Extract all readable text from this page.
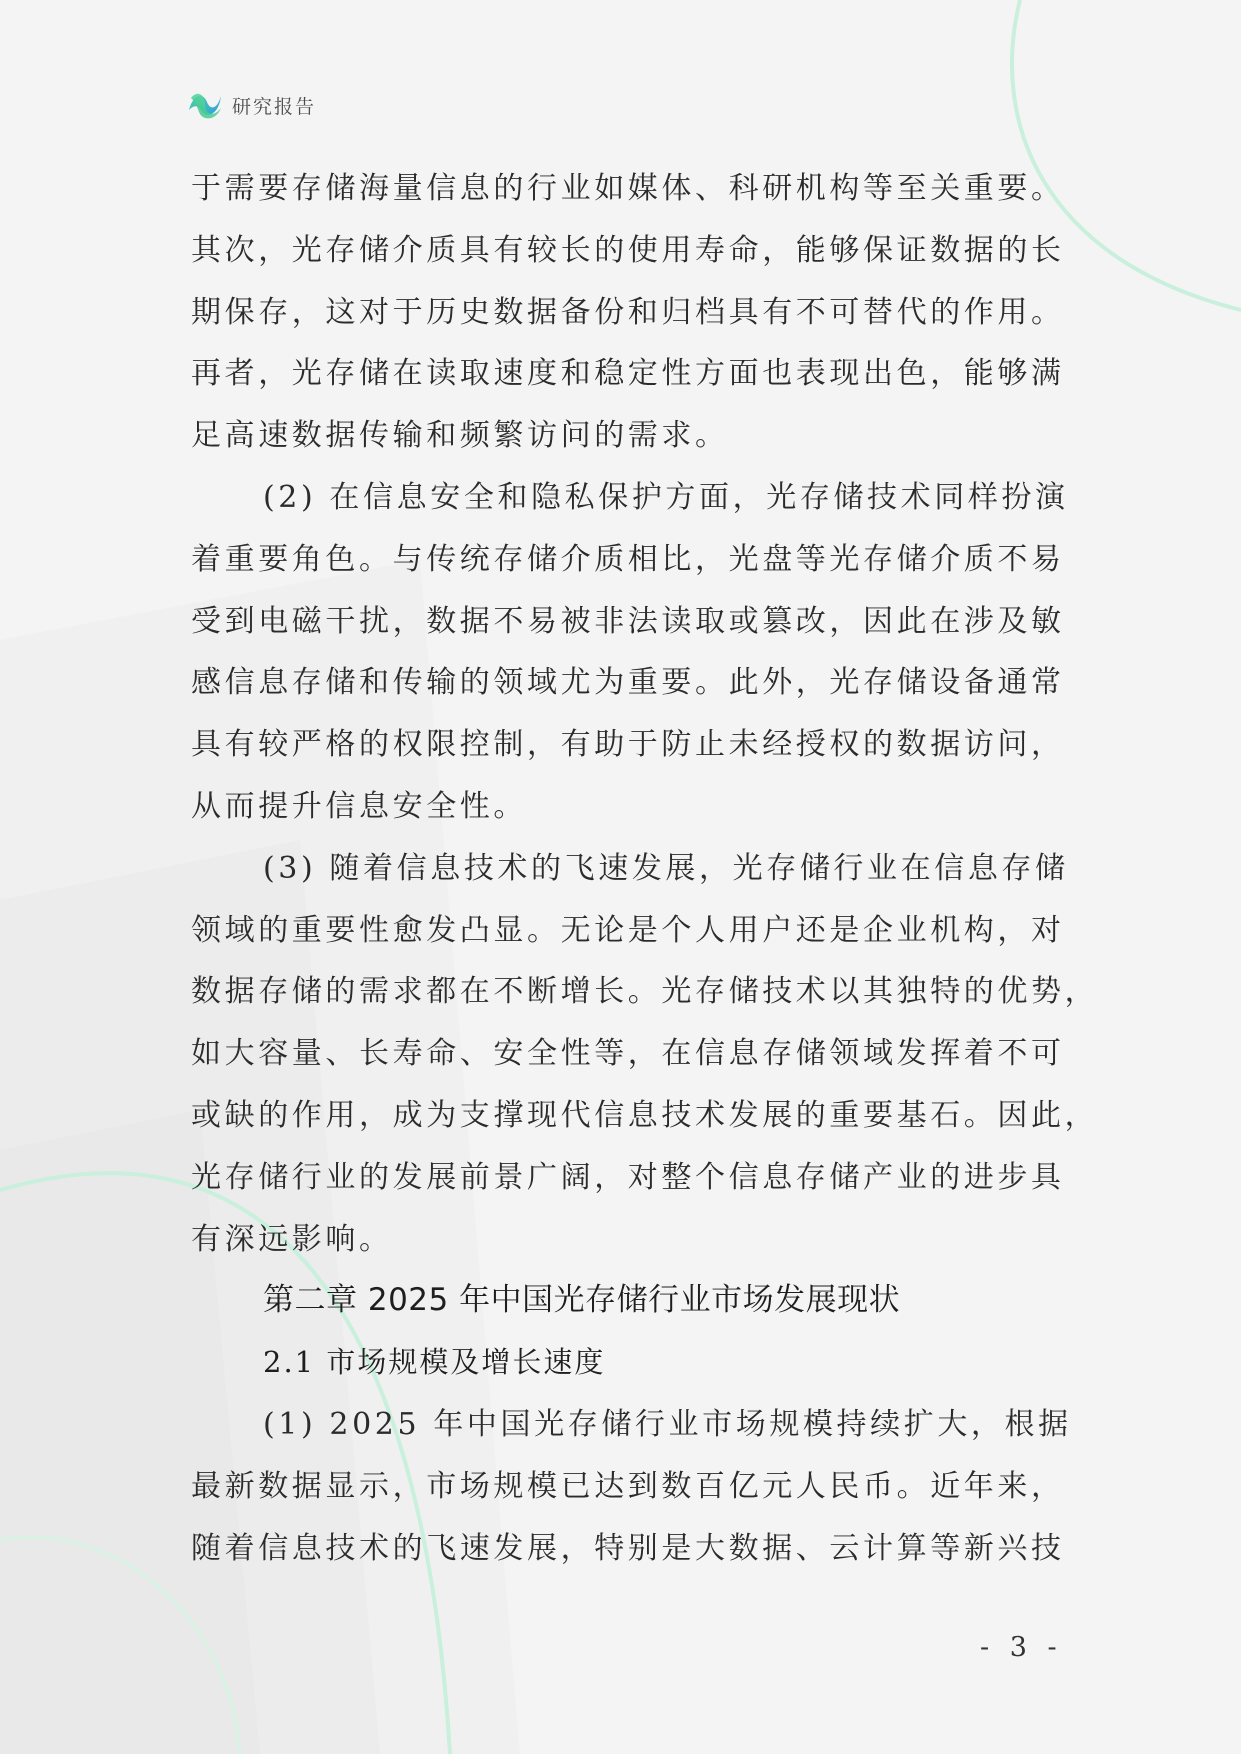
研究报告
于需要存储海量信息的行业如媒体、科研机构等至关重要。
其次，光存储介质具有较长的使用寿命，能够保证数据的长
期保存，这对于历史数据备份和归档具有不可替代的作用。
再者，光存储在读取速度和稳定性方面也表现出色，能够满
足高速数据传输和频繁访问的需求。
(2) 在信息安全和隐私保护方面，光存储技术同样扮演
着重要角色。与传统存储介质相比，光盘等光存储介质不易
受到电磁干扰，数据不易被非法读取或篡改，因此在涉及敏
感信息存储和传输的领域尤为重要。此外，光存储设备通常
具有较严格的权限控制，有助于防止未经授权的数据访问，
从而提升信息安全性。
(3) 随着信息技术的飞速发展，光存储行业在信息存储
领域的重要性愈发凸显。无论是个人用户还是企业机构，对
数据存储的需求都在不断增长。光存储技术以其独特的优势，
如大容量、长寿命、安全性等，在信息存储领域发挥着不可
或缺的作用，成为支撑现代信息技术发展的重要基石。因此，
光存储行业的发展前景广阔，对整个信息存储产业的进步具
有深远影响。
第二章 2025 年中国光存储行业市场发展现状
2.1 市场规模及增长速度
(1) 2025 年中国光存储行业市场规模持续扩大，根据
最新数据显示，市场规模已达到数百亿元人民币。近年来，
随着信息技术的飞速发展，特别是大数据、云计算等新兴技
- 3 -
